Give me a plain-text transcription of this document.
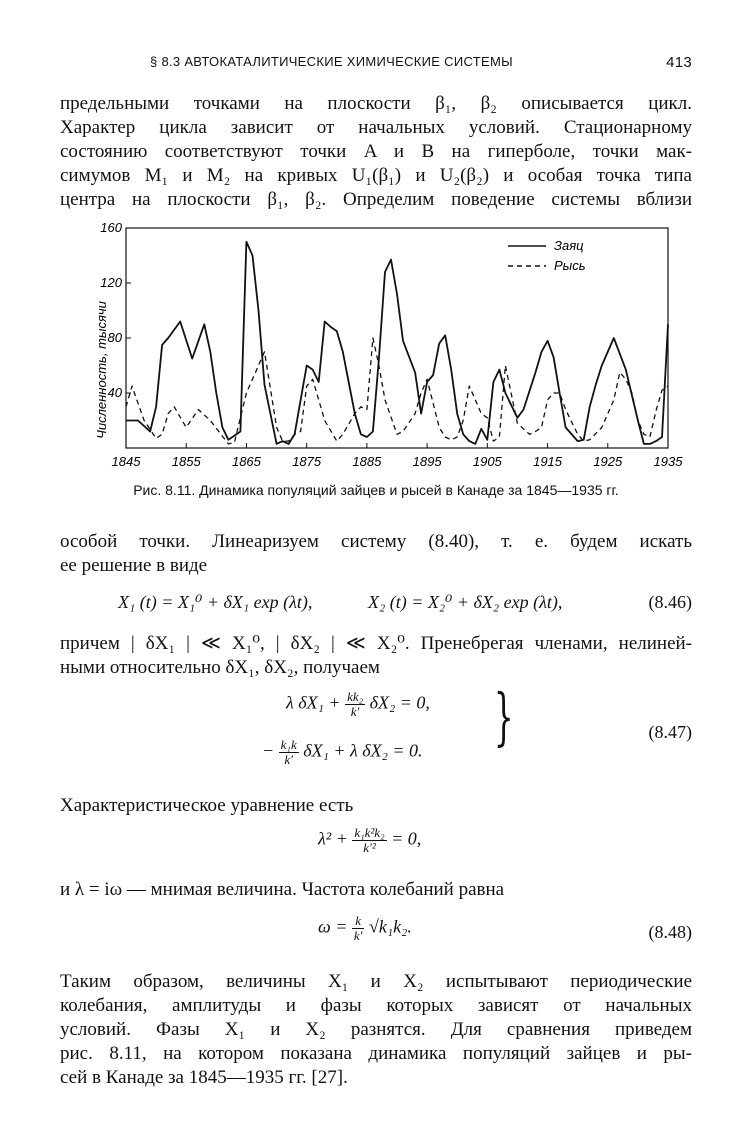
§ 8.3 АВТОКАТАЛИТИЧЕСКИЕ ХИМИЧЕСКИЕ СИСТЕМЫ	413
предельными точками на плоскости β₁, β₂ описывается цикл.
Характер цикла зависит от начальных условий. Стационарному
состоянию соответствуют точки A и B на гиперболе, точки мак-
симумов M₁ и M₂ на кривых U₁(β₁) и U₂(β₂) и особая точка типа
центра на плоскости β₁, β₂. Определим поведение системы вблизи
Численность, тысячи
40
80
120
160
1845 1855 1865 1875 1885 1895 1905 1915 1925 1935
Заяц
Рысь
Рис. 8.11. Динамика популяций зайцев и рысей в Канаде за 1845—1935 гг.
особой точки. Линеаризуем систему (8.40), т. е. будем искать
ее решение в виде
X₁ (t) = X₁⁰ + δX₁ exp (λt),	X₂ (t) = X₂⁰ + δX₂ exp (λt),	(8.46)
причем | δX₁ | ≪ X₁⁰, | δX₂ | ≪ X₂⁰. Пренебрегая членами, нелиней-
ными относительно δX₁, δX₂, получаем
λ $\delta X_1 + \frac{\text{kk₂}}{k'} \delta X_2 = 0$,
− $\frac{\text{k₁k}}{k'} \delta X_1 + \lambda$ δX₂ = 0. }	(8.47)
Характеристическое уравнение есть
$\lambda^2 + \frac{\text{k₁k²k₂}}{\text{k′²}} = 0$,
и λ = iω — мнимая величина. Частота колебаний равна
$\omega = \frac{k}{k'} √k_1k_2$.	(8.48)
Таким образом, величины X₁ и X₂ испытывают периодические
колебания, амплитуды и фазы которых зависят от начальных
условий. Фазы X₁ и X₂ разнятся. Для сравнения приведем
рис. 8.11, на котором показана динамика популяций зайцев и ры-
сей в Канаде за 1845—1935 гг. [27].
